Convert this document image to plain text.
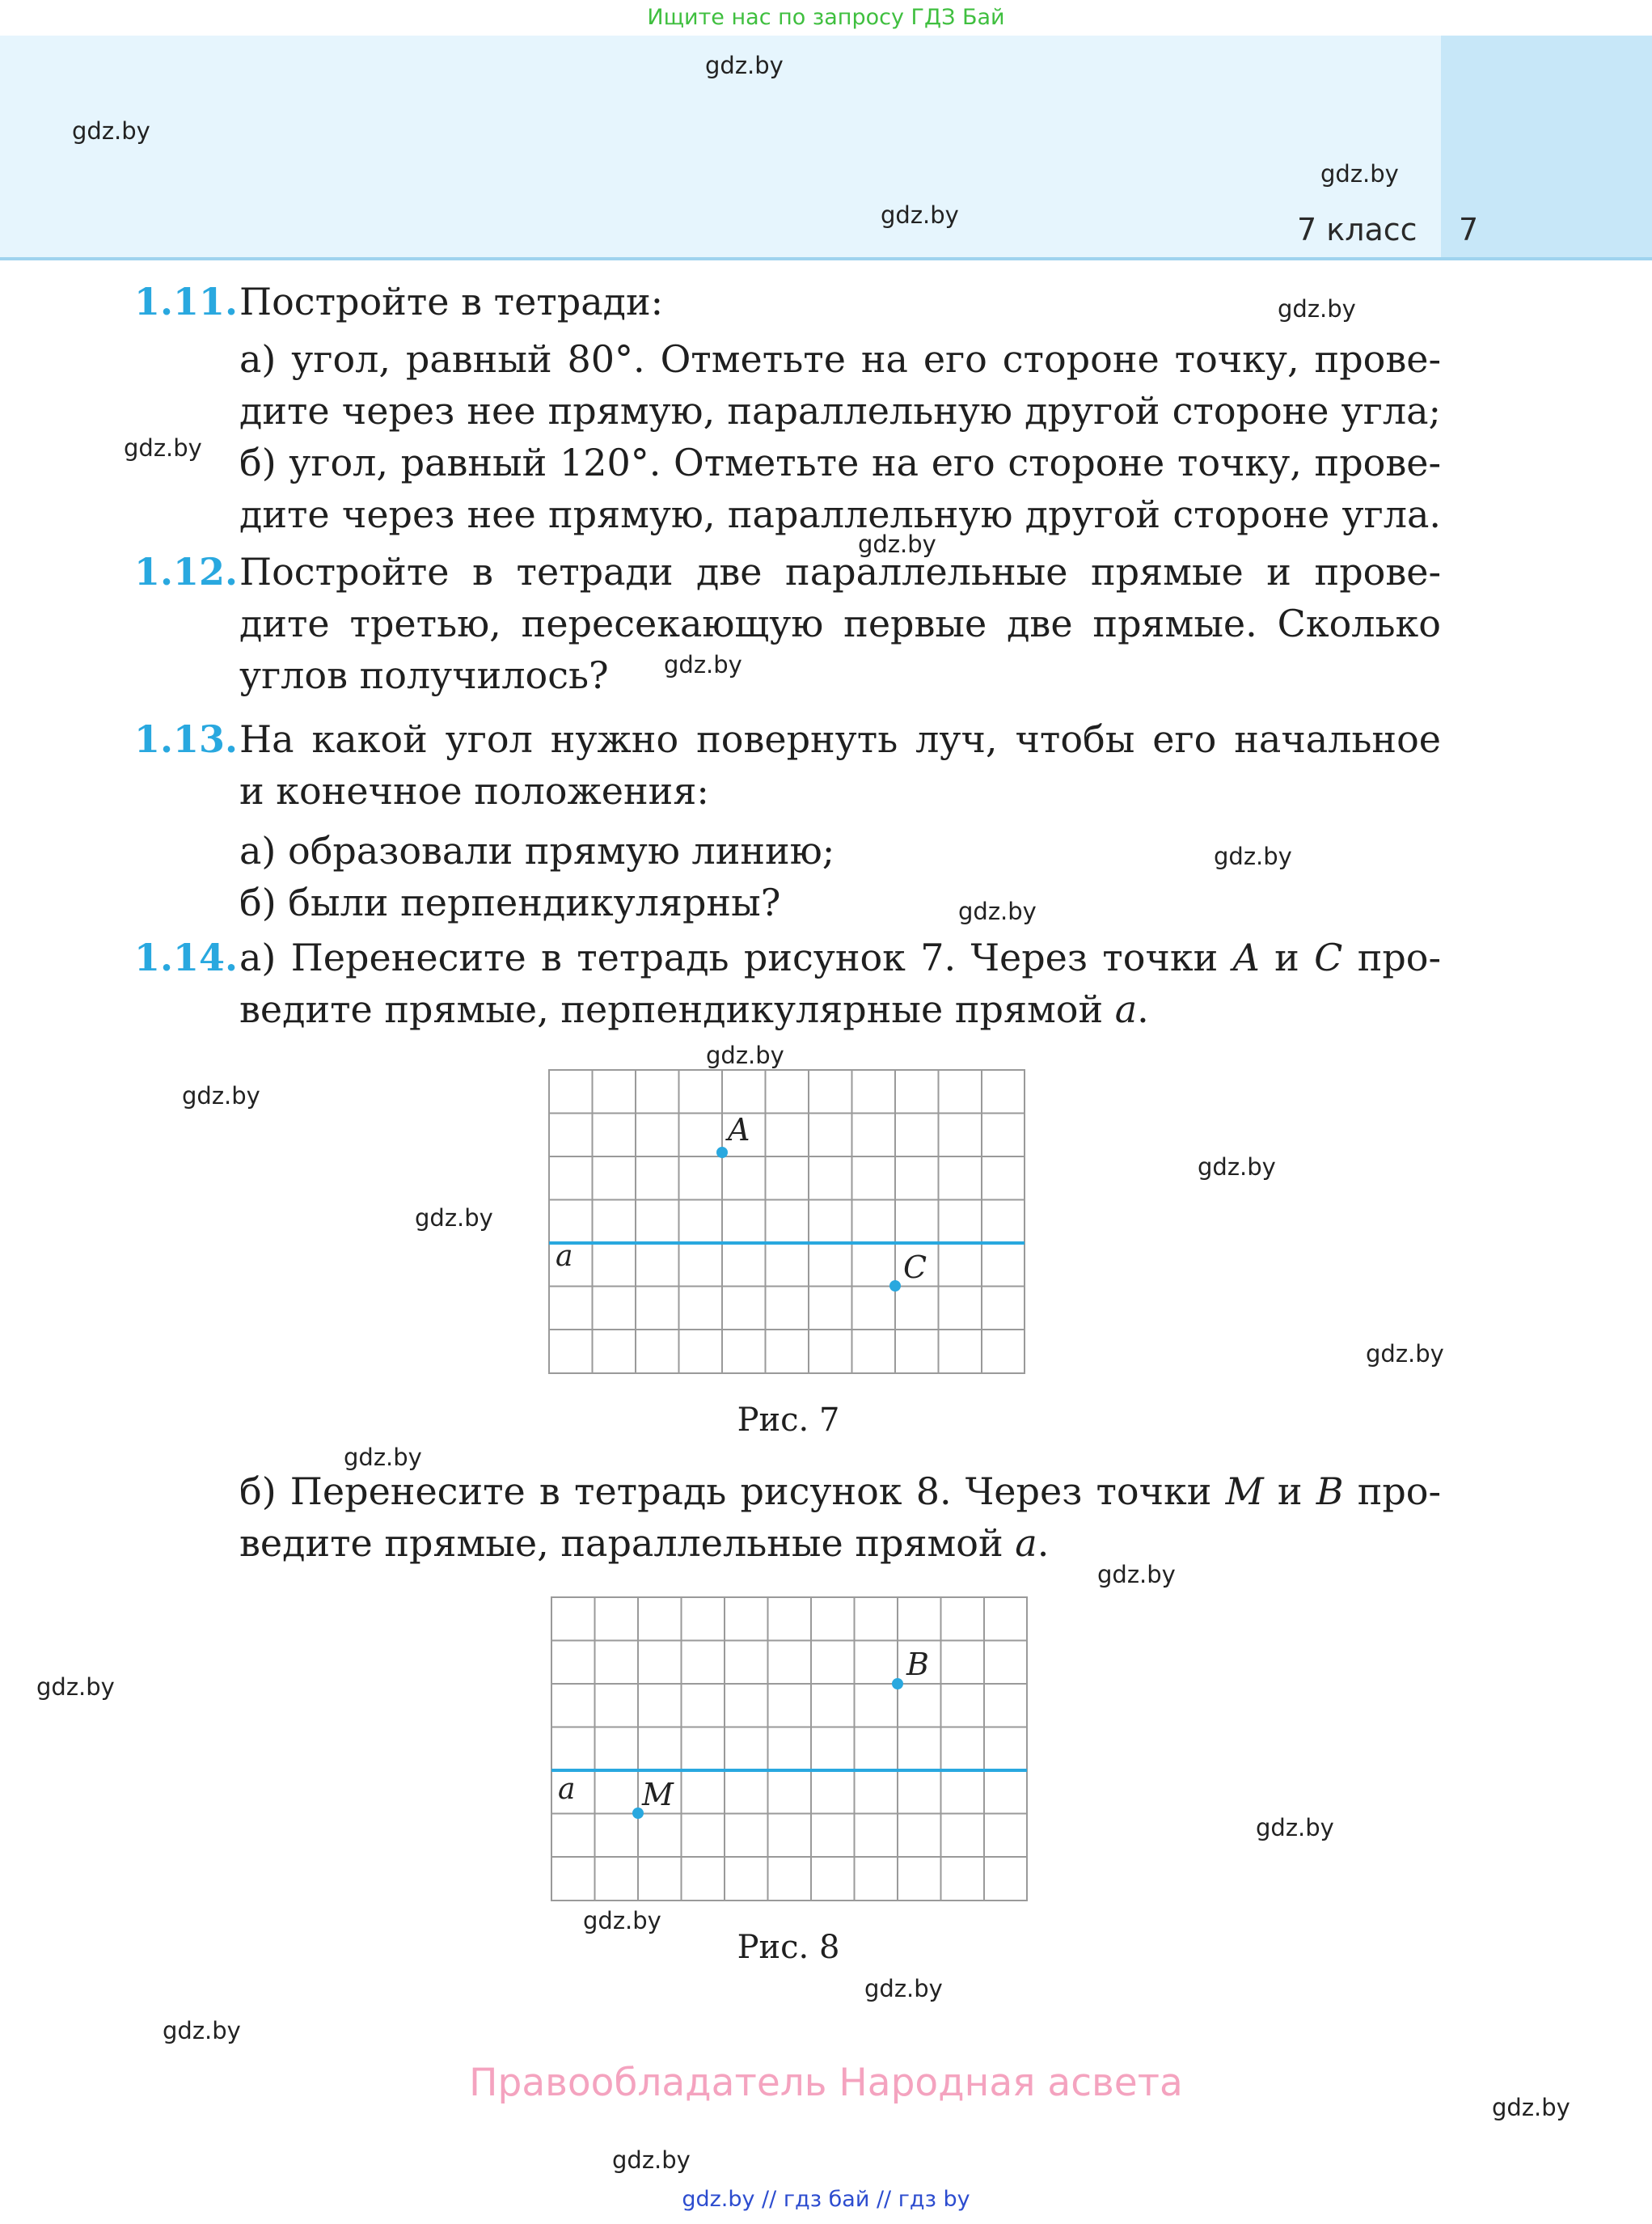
Ищите нас по запросу ГДЗ Бай
7 класс 7
1.11. Постройте в тетради:
а) угол, равный 80°. Отметьте на его стороне точку, прове-
дите через нее прямую, параллельную другой стороне угла;
б) угол, равный 120°. Отметьте на его стороне точку, прове-
дите через нее прямую, параллельную другой стороне угла.
1.12. Постройте в тетради две параллельные прямые и прове-
дите третью, пересекающую первые две прямые. Сколько
углов получилось?
1.13. На какой угол нужно повернуть луч, чтобы его начальное
и конечное положения:
а) образовали прямую линию;
б) были перпендикулярны?
1.14. а) Перенесите в тетрадь рисунок 7. Через точки A и C про-
ведите прямые, перпендикулярные прямой a.
a
A
C
Рис. 7
б) Перенесите в тетрадь рисунок 8. Через точки M и B про-
ведите прямые, параллельные прямой a.
a
B
M
Рис. 8
gdz.by
gdz.by
gdz.by
gdz.by
gdz.by
gdz.by
gdz.by
gdz.by
gdz.by
gdz.by
gdz.by
gdz.by
gdz.by
gdz.by
gdz.by
gdz.by
gdz.by
gdz.by
gdz.by
gdz.by
gdz.by
gdz.by
gdz.by
gdz.by
Правообладатель Народная асвета
gdz.by // гдз бай // гдз by
